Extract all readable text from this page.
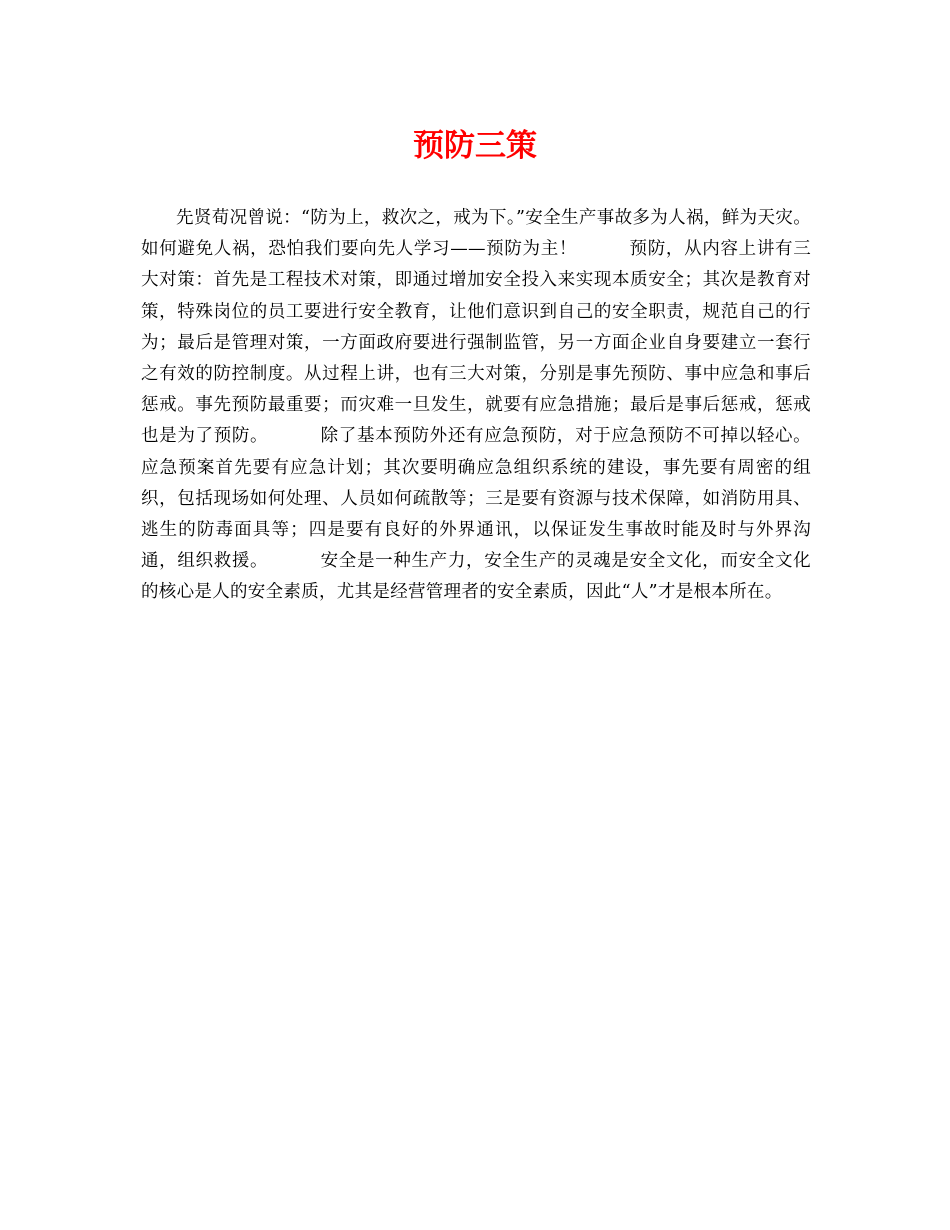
预防三策

先贤荀况曾说：“防为上，救次之，戒为下。”安全生产事故多为人祸，鲜为天灾。如何避免人祸，恐怕我们要向先人学习——预防为主！	预防，从内容上讲有三大对策：首先是工程技术对策，即通过增加安全投入来实现本质安全；其次是教育对策，特殊岗位的员工要进行安全教育，让他们意识到自己的安全职责，规范自己的行为；最后是管理对策，一方面政府要进行强制监管，另一方面企业自身要建立一套行之有效的防控制度。从过程上讲，也有三大对策，分别是事先预防、事中应急和事后惩戒。事先预防最重要；而灾难一旦发生，就要有应急措施；最后是事后惩戒，惩戒也是为了预防。	除了基本预防外还有应急预防，对于应急预防不可掉以轻心。应急预案首先要有应急计划；其次要明确应急组织系统的建设，事先要有周密的组织，包括现场如何处理、人员如何疏散等；三是要有资源与技术保障，如消防用具、逃生的防毒面具等；四是要有良好的外界通讯，以保证发生事故时能及时与外界沟通，组织救援。	安全是一种生产力，安全生产的灵魂是安全文化，而安全文化的核心是人的安全素质，尤其是经营管理者的安全素质，因此“人”才是根本所在。
